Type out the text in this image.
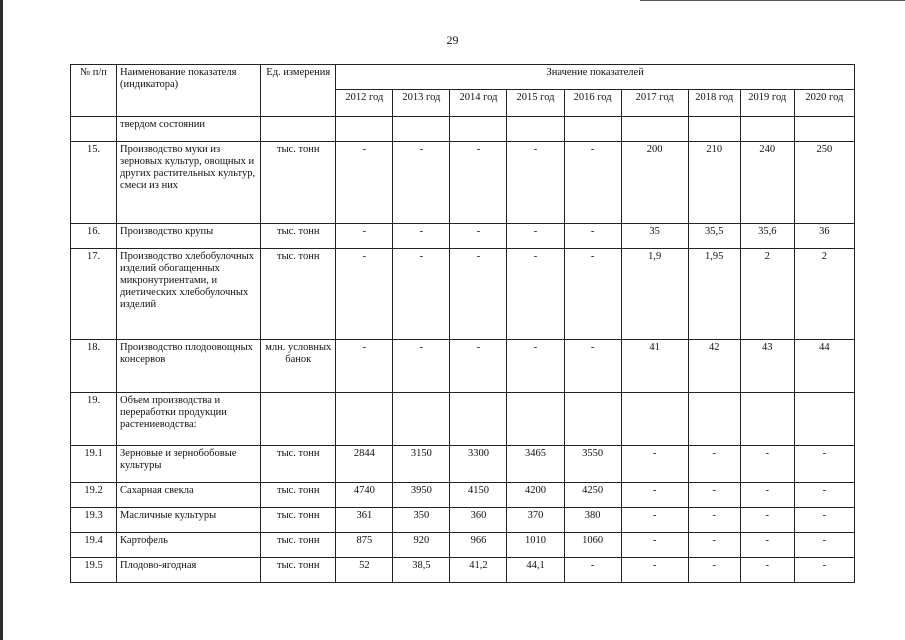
29
№ п/п	Наименование показателя (индикатора)	Ед. измерения	Значение показателей								
			2012 год	2013 год	2014 год	2015 год	2016 год	2017 год	2018 год	2019 год	2020 год
	твердом состоянии										
15.	Производство муки из зерновых культур, овощных и других растительных культур, смеси из них	тыс. тонн	-	-	-	-	-	200	210	240	250
16.	Производство крупы	тыс. тонн	-	-	-	-	-	35	35,5	35,6	36
17.	Производство хлебобулочных изделий обогащенных микронутриентами, и диетических хлебобулочных изделий	тыс. тонн	-	-	-	-	-	1,9	1,95	2	2
18.	Производство плодоовощных консервов	млн. условных банок	-	-	-	-	-	41	42	43	44
19.	Объем производства и переработки продукции растениеводства:										
19.1	Зерновые и зернобобовые культуры	тыс. тонн	2844	3150	3300	3465	3550	-	-	-	-
19.2	Сахарная свекла	тыс. тонн	4740	3950	4150	4200	4250	-	-	-	-
19.3	Масличные культуры	тыс. тонн	361	350	360	370	380	-	-	-	-
19.4	Картофель	тыс. тонн	875	920	966	1010	1060	-	-	-	-
19.5	Плодово-ягодная	тыс. тонн	52	38,5	41,2	44,1	-	-	-	-	-
